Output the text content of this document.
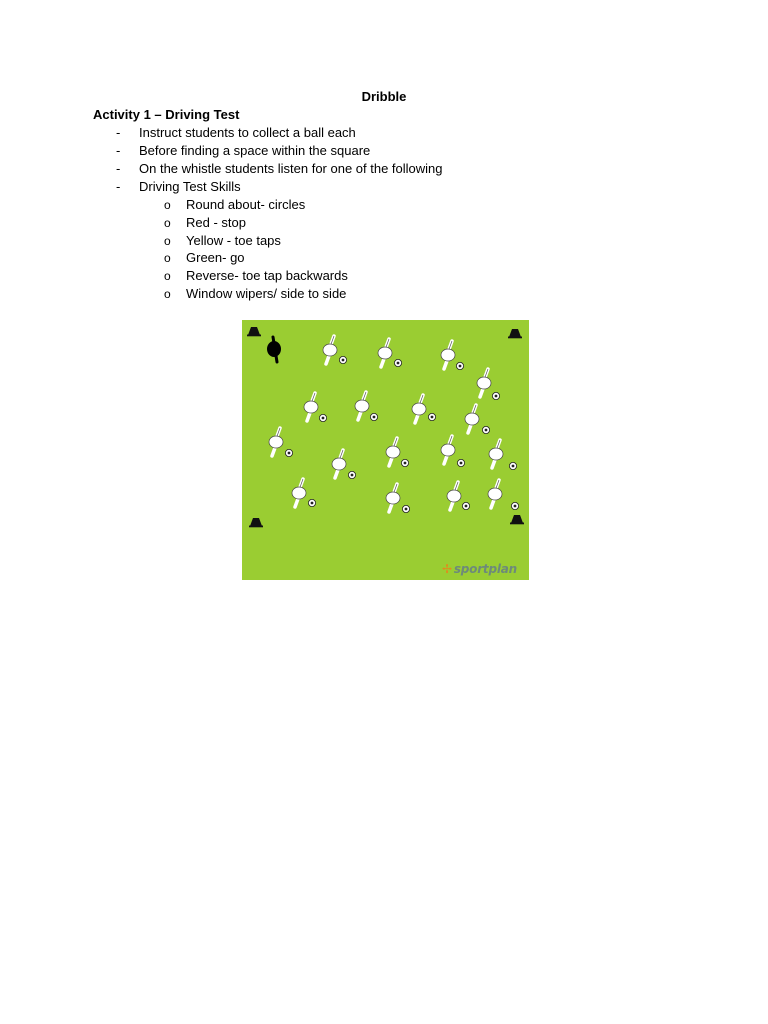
Dribble
Activity 1 – Driving Test
- Instruct students to collect a ball each
- Before finding a space within the square
- On the whistle students listen for one of the following
- Driving Test Skills
o Round about- circles
o Red - stop
o Yellow - toe taps
o Green- go
o Reverse- toe tap backwards
o Window wipers/ side to side
✢ sportplan
